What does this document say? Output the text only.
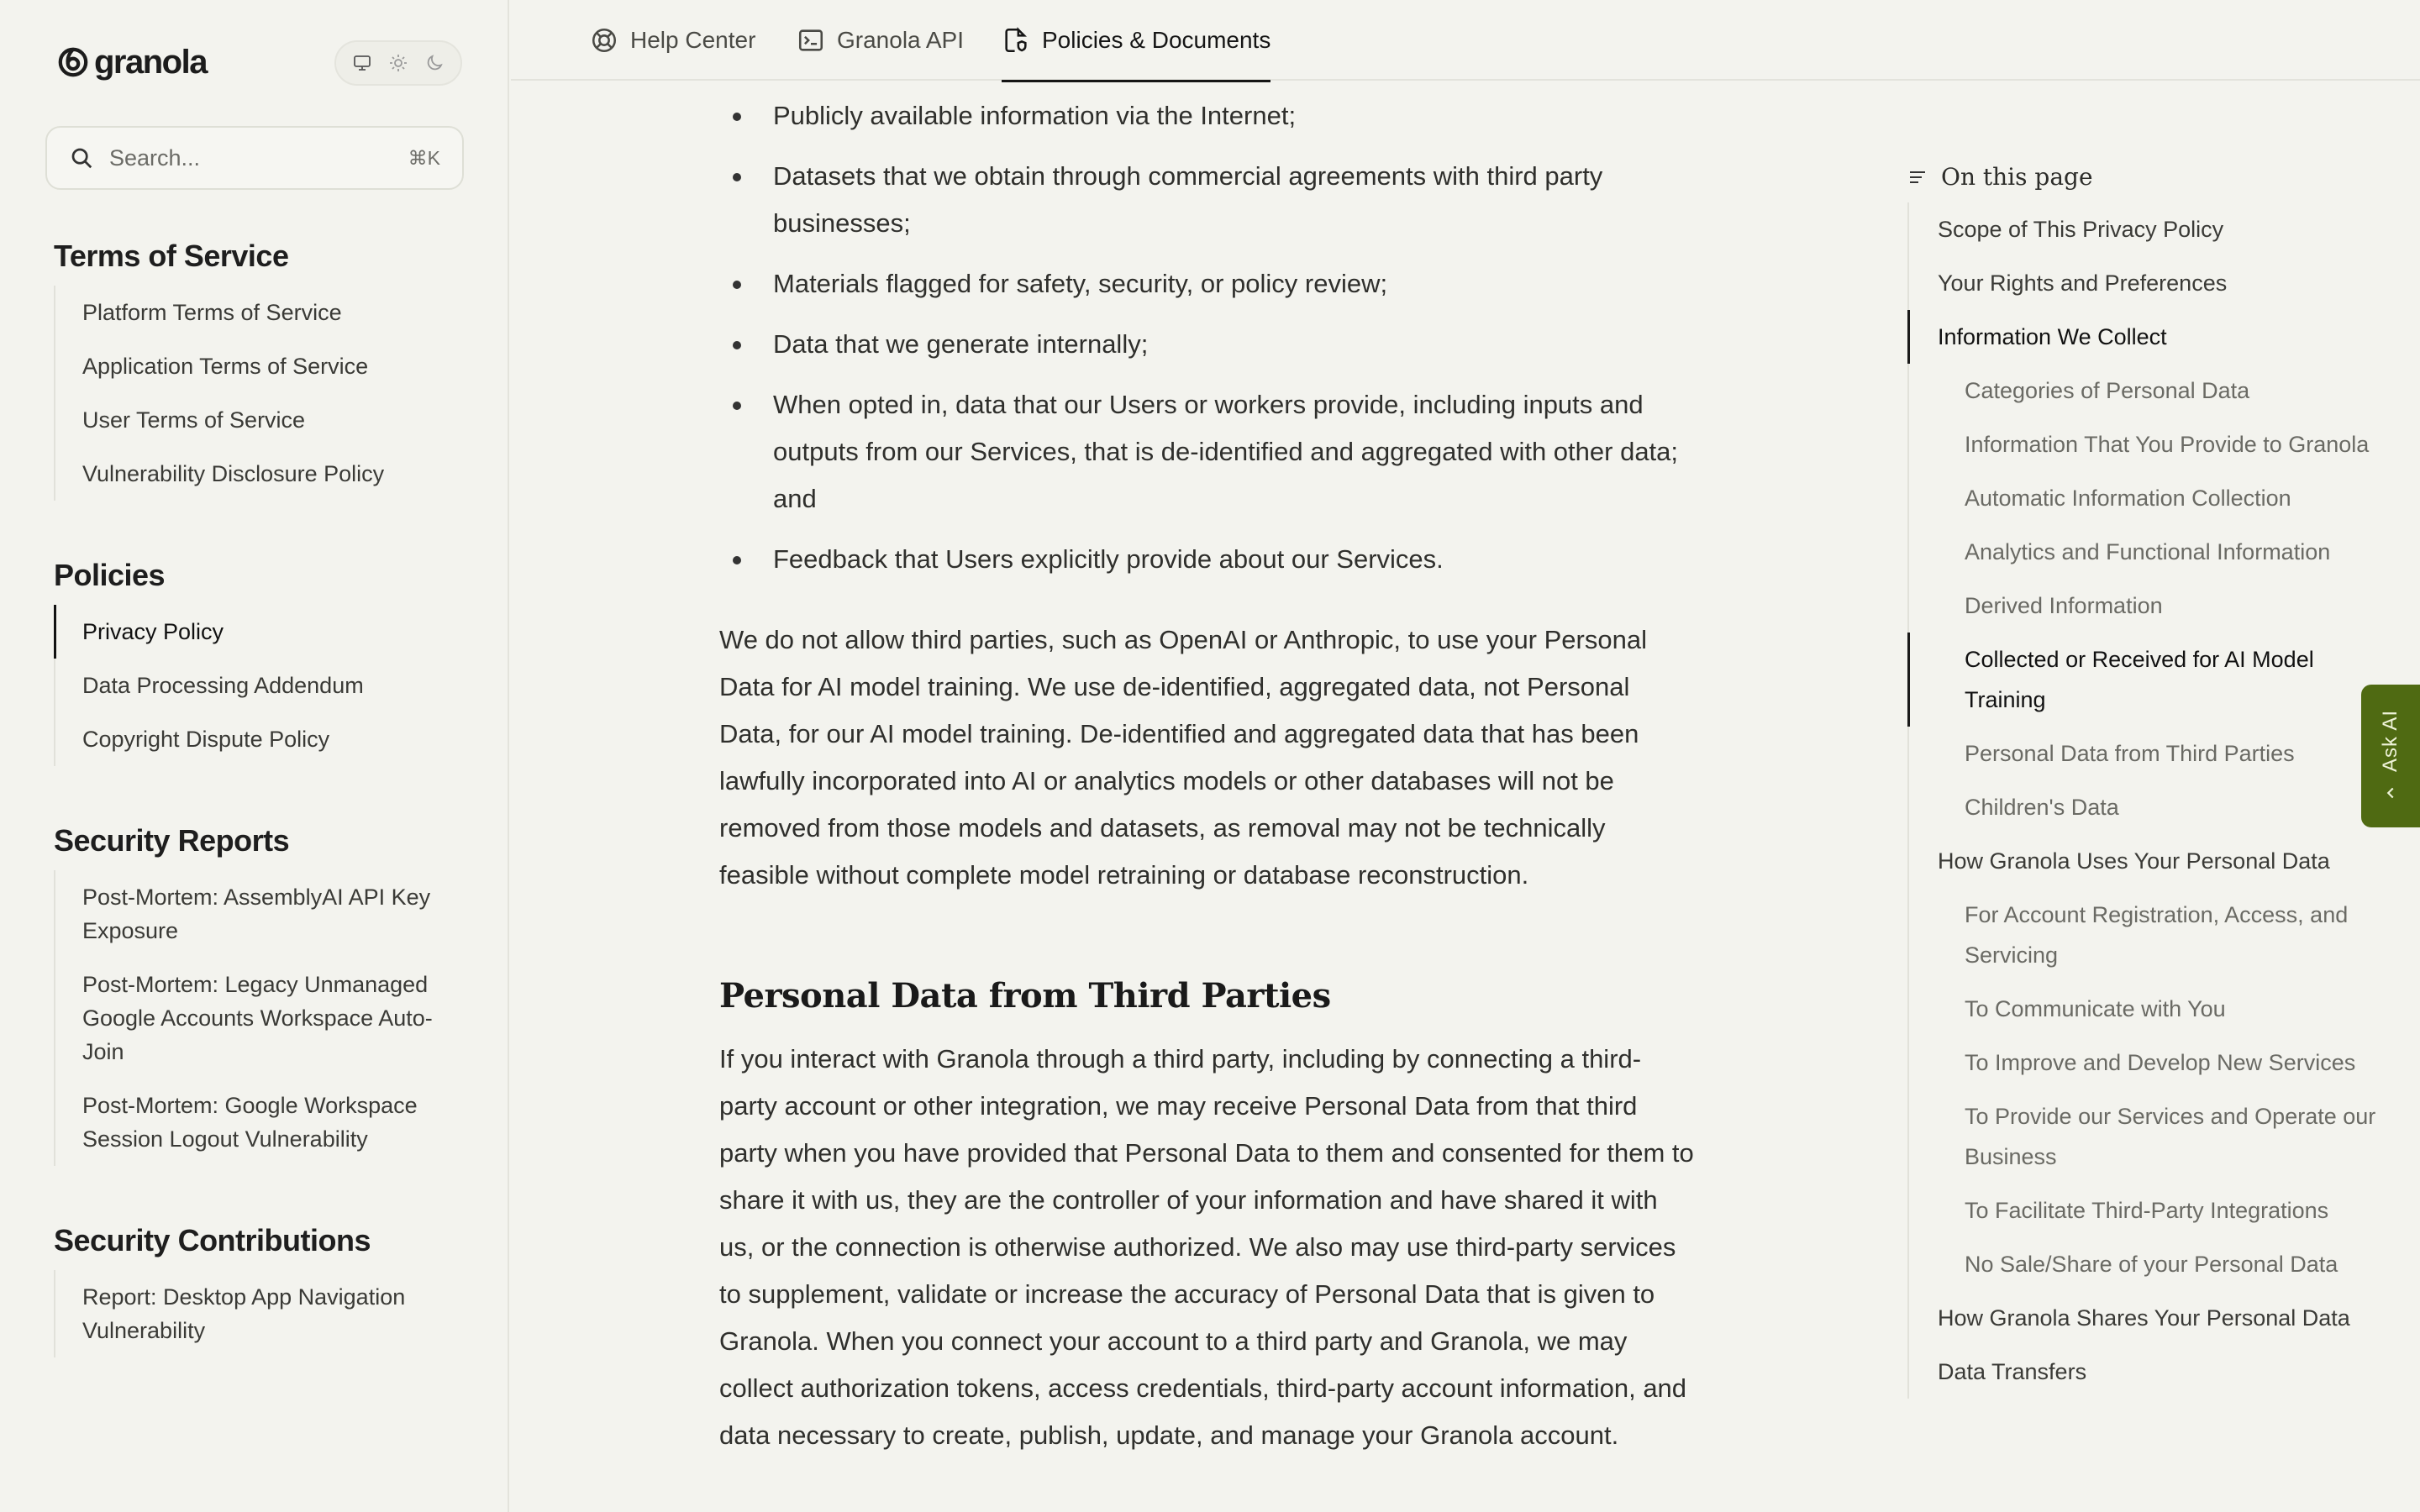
granola
Search...
⌘K
Terms of Service
Platform Terms of Service
Application Terms of Service
User Terms of Service
Vulnerability Disclosure Policy
Policies
Privacy Policy
Data Processing Addendum
Copyright Dispute Policy
Security Reports
Post-Mortem: AssemblyAI API Key Exposure
Post-Mortem: Legacy Unmanaged Google Accounts Workspace Auto-Join
Post-Mortem: Google Workspace Session Logout Vulnerability
Security Contributions
Report: Desktop App Navigation Vulnerability
Help Center	Granola API	Policies & Documents
Publicly available information via the Internet;
Datasets that we obtain through commercial agreements with third party businesses;
Materials flagged for safety, security, or policy review;
Data that we generate internally;
When opted in, data that our Users or workers provide, including inputs and outputs from our Services, that is de-identified and aggregated with other data; and
Feedback that Users explicitly provide about our Services.

We do not allow third parties, such as OpenAI or Anthropic, to use your Personal Data for AI model training. We use de-identified, aggregated data, not Personal Data, for our AI model training. De-identified and aggregated data that has been lawfully incorporated into AI or analytics models or other databases will not be removed from those models and datasets, as removal may not be technically feasible without complete model retraining or database reconstruction.

Personal Data from Third Parties

If you interact with Granola through a third party, including by connecting a third-party account or other integration, we may receive Personal Data from that third party when you have provided that Personal Data to them and consented for them to share it with us, they are the controller of your information and have shared it with us, or the connection is otherwise authorized. We also may use third-party services to supplement, validate or increase the accuracy of Personal Data that is given to Granola. When you connect your account to a third party and Granola, we may collect authorization tokens, access credentials, third-party account information, and data necessary to create, publish, update, and manage your Granola account.

On this page
Scope of This Privacy Policy
Your Rights and Preferences
Information We Collect
Categories of Personal Data
Information That You Provide to Granola
Automatic Information Collection
Analytics and Functional Information
Derived Information
Collected or Received for AI Model Training
Personal Data from Third Parties
Children's Data
How Granola Uses Your Personal Data
For Account Registration, Access, and Servicing
To Communicate with You
To Improve and Develop New Services
To Provide our Services and Operate our Business
To Facilitate Third-Party Integrations
No Sale/Share of your Personal Data
How Granola Shares Your Personal Data
Data Transfers
Ask AI
